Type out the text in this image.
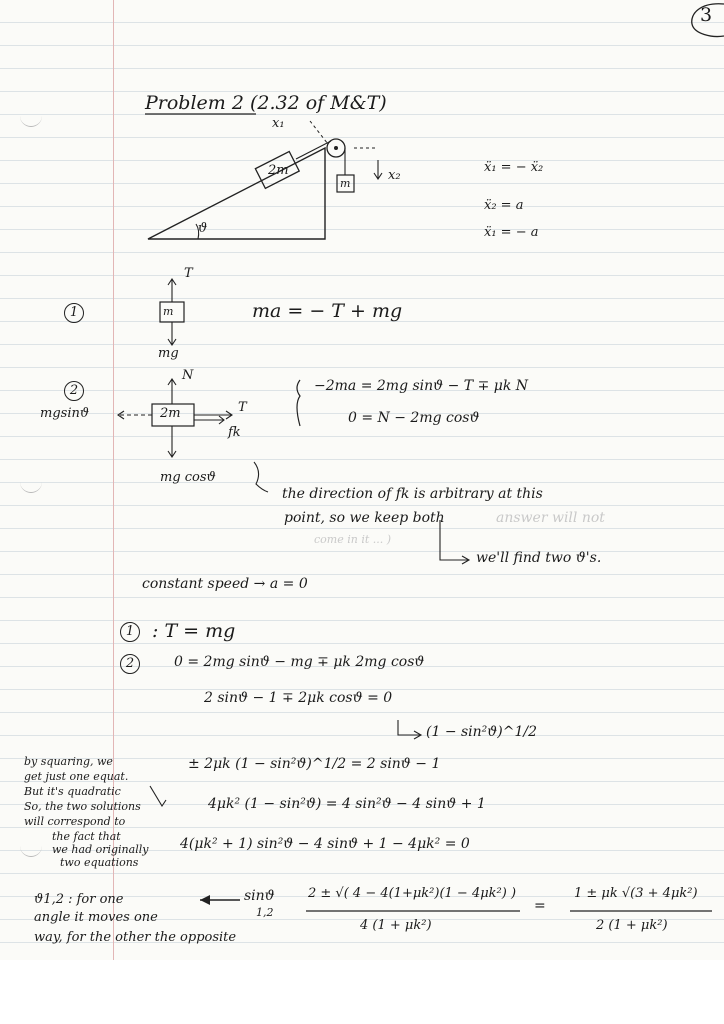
3
Problem 2 (2.32 of M&T)
2m
m
x₁
x₂
ϑ
ẍ₁ = − ẍ₂
ẍ₂ = a
ẍ₁ = − a
1	m
T
mg
ma = − T + mg
2
2m
N
mgsinϑ	T
fk
mg cosϑ
−2ma = 2mg sinϑ − T ∓ μk N
0 = N − 2mg cosϑ
the direction of fk is arbitrary at this
point, so we keep both	answer will not
come in it ... )
we'll find two ϑ's.
constant speed → a = 0
1 : T = mg
2	0 = 2mg sinϑ − mg ∓ μk 2mg cosϑ
2 sinϑ − 1 ∓ 2μk cosϑ = 0
(1 − sin²ϑ)^1/2
± 2μk (1 − sin²ϑ)^1/2 = 2 sinϑ − 1
4μk² (1 − sin²ϑ) = 4 sin²ϑ − 4 sinϑ + 1
4(μk² + 1) sin²ϑ − 4 sinϑ + 1 − 4μk² = 0
sinϑ
1,2
2 ± √( 4 − 4(1+μk²)(1 − 4μk²) )
4 (1 + μk²)
=
1 ± μk √(3 + 4μk²)
2 (1 + μk²)
by squaring, we
get just one equat.
But it's quadratic
So, the two solutions
will correspond to
the fact that
we had originally
two equations
ϑ1,2 : for one
angle it moves one
way, for the other the opposite
